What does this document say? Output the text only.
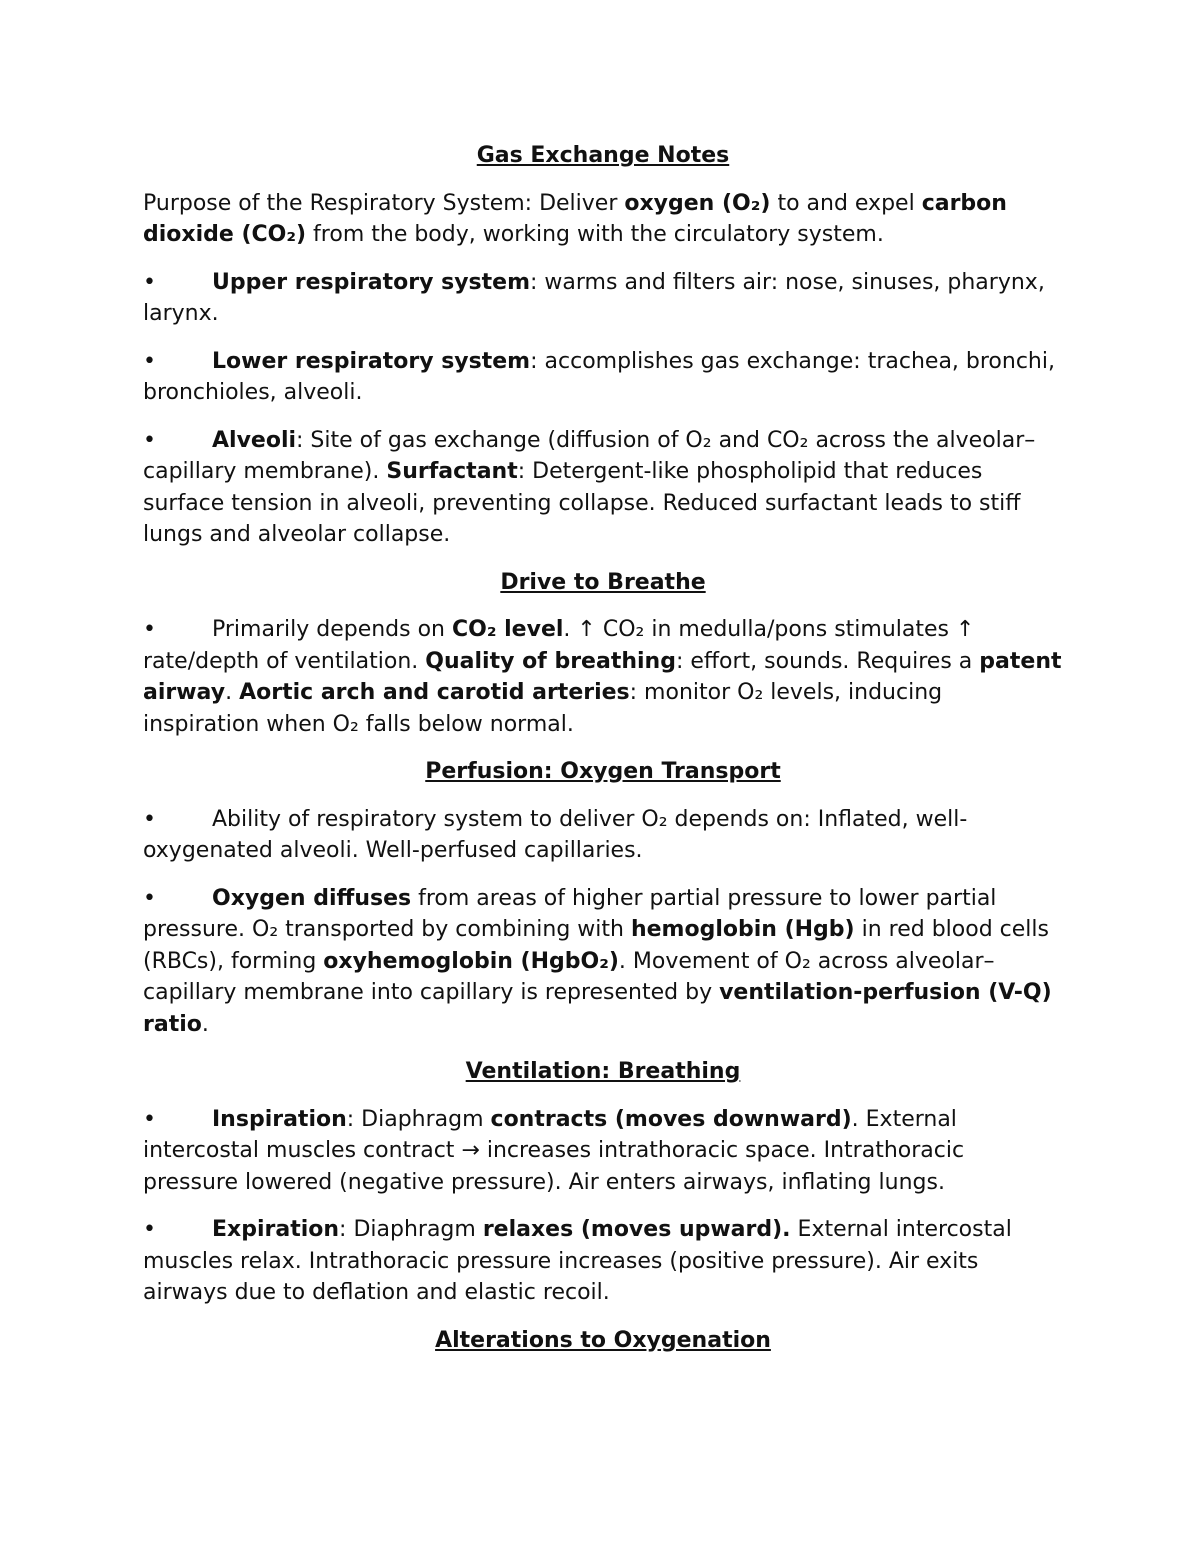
Gas Exchange Notes
Purpose of the Respiratory System: Deliver oxygen (O₂) to and expel carbon dioxide (CO₂) from the body, working with the circulatory system.
•	Upper respiratory system: warms and filters air: nose, sinuses, pharynx, larynx.
•	Lower respiratory system: accomplishes gas exchange: trachea, bronchi, bronchioles, alveoli.
•	Alveoli: Site of gas exchange (diffusion of O₂ and CO₂ across the alveolar–capillary membrane). Surfactant: Detergent-like phospholipid that reduces surface tension in alveoli, preventing collapse. Reduced surfactant leads to stiff lungs and alveolar collapse.
Drive to Breathe
•	Primarily depends on CO₂ level. ↑ CO₂ in medulla/pons stimulates ↑ rate/depth of ventilation. Quality of breathing: effort, sounds. Requires a patent airway. Aortic arch and carotid arteries: monitor O₂ levels, inducing inspiration when O₂ falls below normal.
Perfusion: Oxygen Transport
•	Ability of respiratory system to deliver O₂ depends on: Inflated, well-oxygenated alveoli. Well-perfused capillaries.
•	Oxygen diffuses from areas of higher partial pressure to lower partial pressure. O₂ transported by combining with hemoglobin (Hgb) in red blood cells (RBCs), forming oxyhemoglobin (HgbO₂). Movement of O₂ across alveolar–capillary membrane into capillary is represented by ventilation-perfusion (V-Q) ratio.
Ventilation: Breathing
•	Inspiration: Diaphragm contracts (moves downward). External intercostal muscles contract → increases intrathoracic space. Intrathoracic pressure lowered (negative pressure). Air enters airways, inflating lungs.
•	Expiration: Diaphragm relaxes (moves upward). External intercostal muscles relax. Intrathoracic pressure increases (positive pressure). Air exits airways due to deflation and elastic recoil.
Alterations to Oxygenation
